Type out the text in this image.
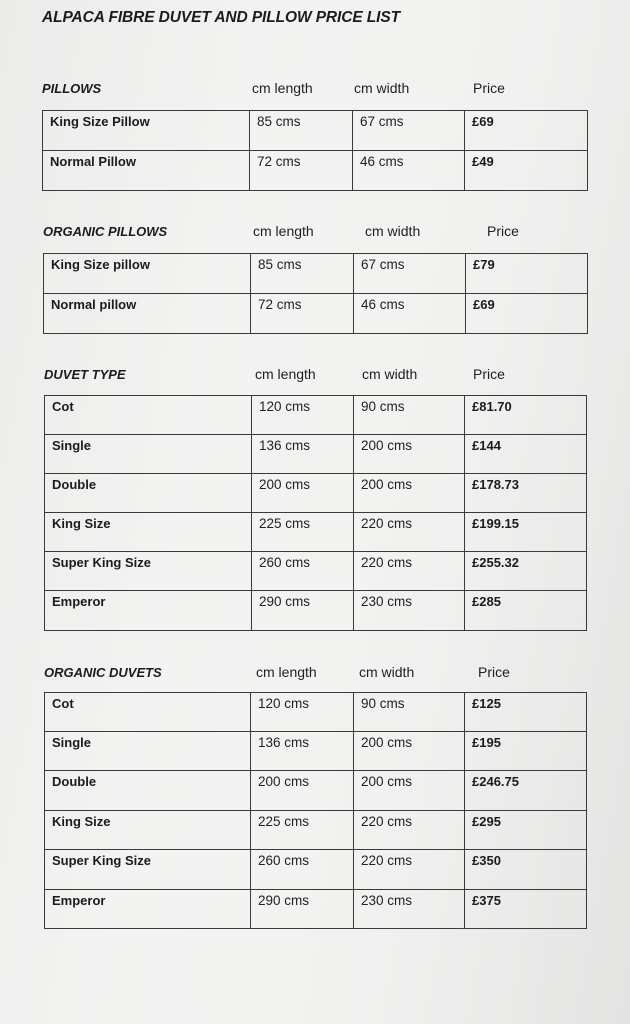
ALPACA FIBRE DUVET AND PILLOW PRICE LIST
PILLOWS	cm length	cm width	Price
King Size Pillow	85 cms	67 cms	£69
Normal Pillow	72 cms	46 cms	£49
ORGANIC PILLOWS	cm length	cm width	Price
King Size pillow	85 cms	67 cms	£79
Normal pillow	72 cms	46 cms	£69
DUVET TYPE	cm length	cm width	Price
Cot	120 cms	90 cms	£81.70
Single	136 cms	200 cms	£144
Double	200 cms	200 cms	£178.73
King Size	225 cms	220 cms	£199.15
Super King Size	260 cms	220 cms	£255.32
Emperor	290 cms	230 cms	£285
ORGANIC DUVETS	cm length	cm width	Price
Cot	120 cms	90 cms	£125
Single	136 cms	200 cms	£195
Double	200 cms	200 cms	£246.75
King Size	225 cms	220 cms	£295
Super King Size	260 cms	220 cms	£350
Emperor	290 cms	230 cms	£375
